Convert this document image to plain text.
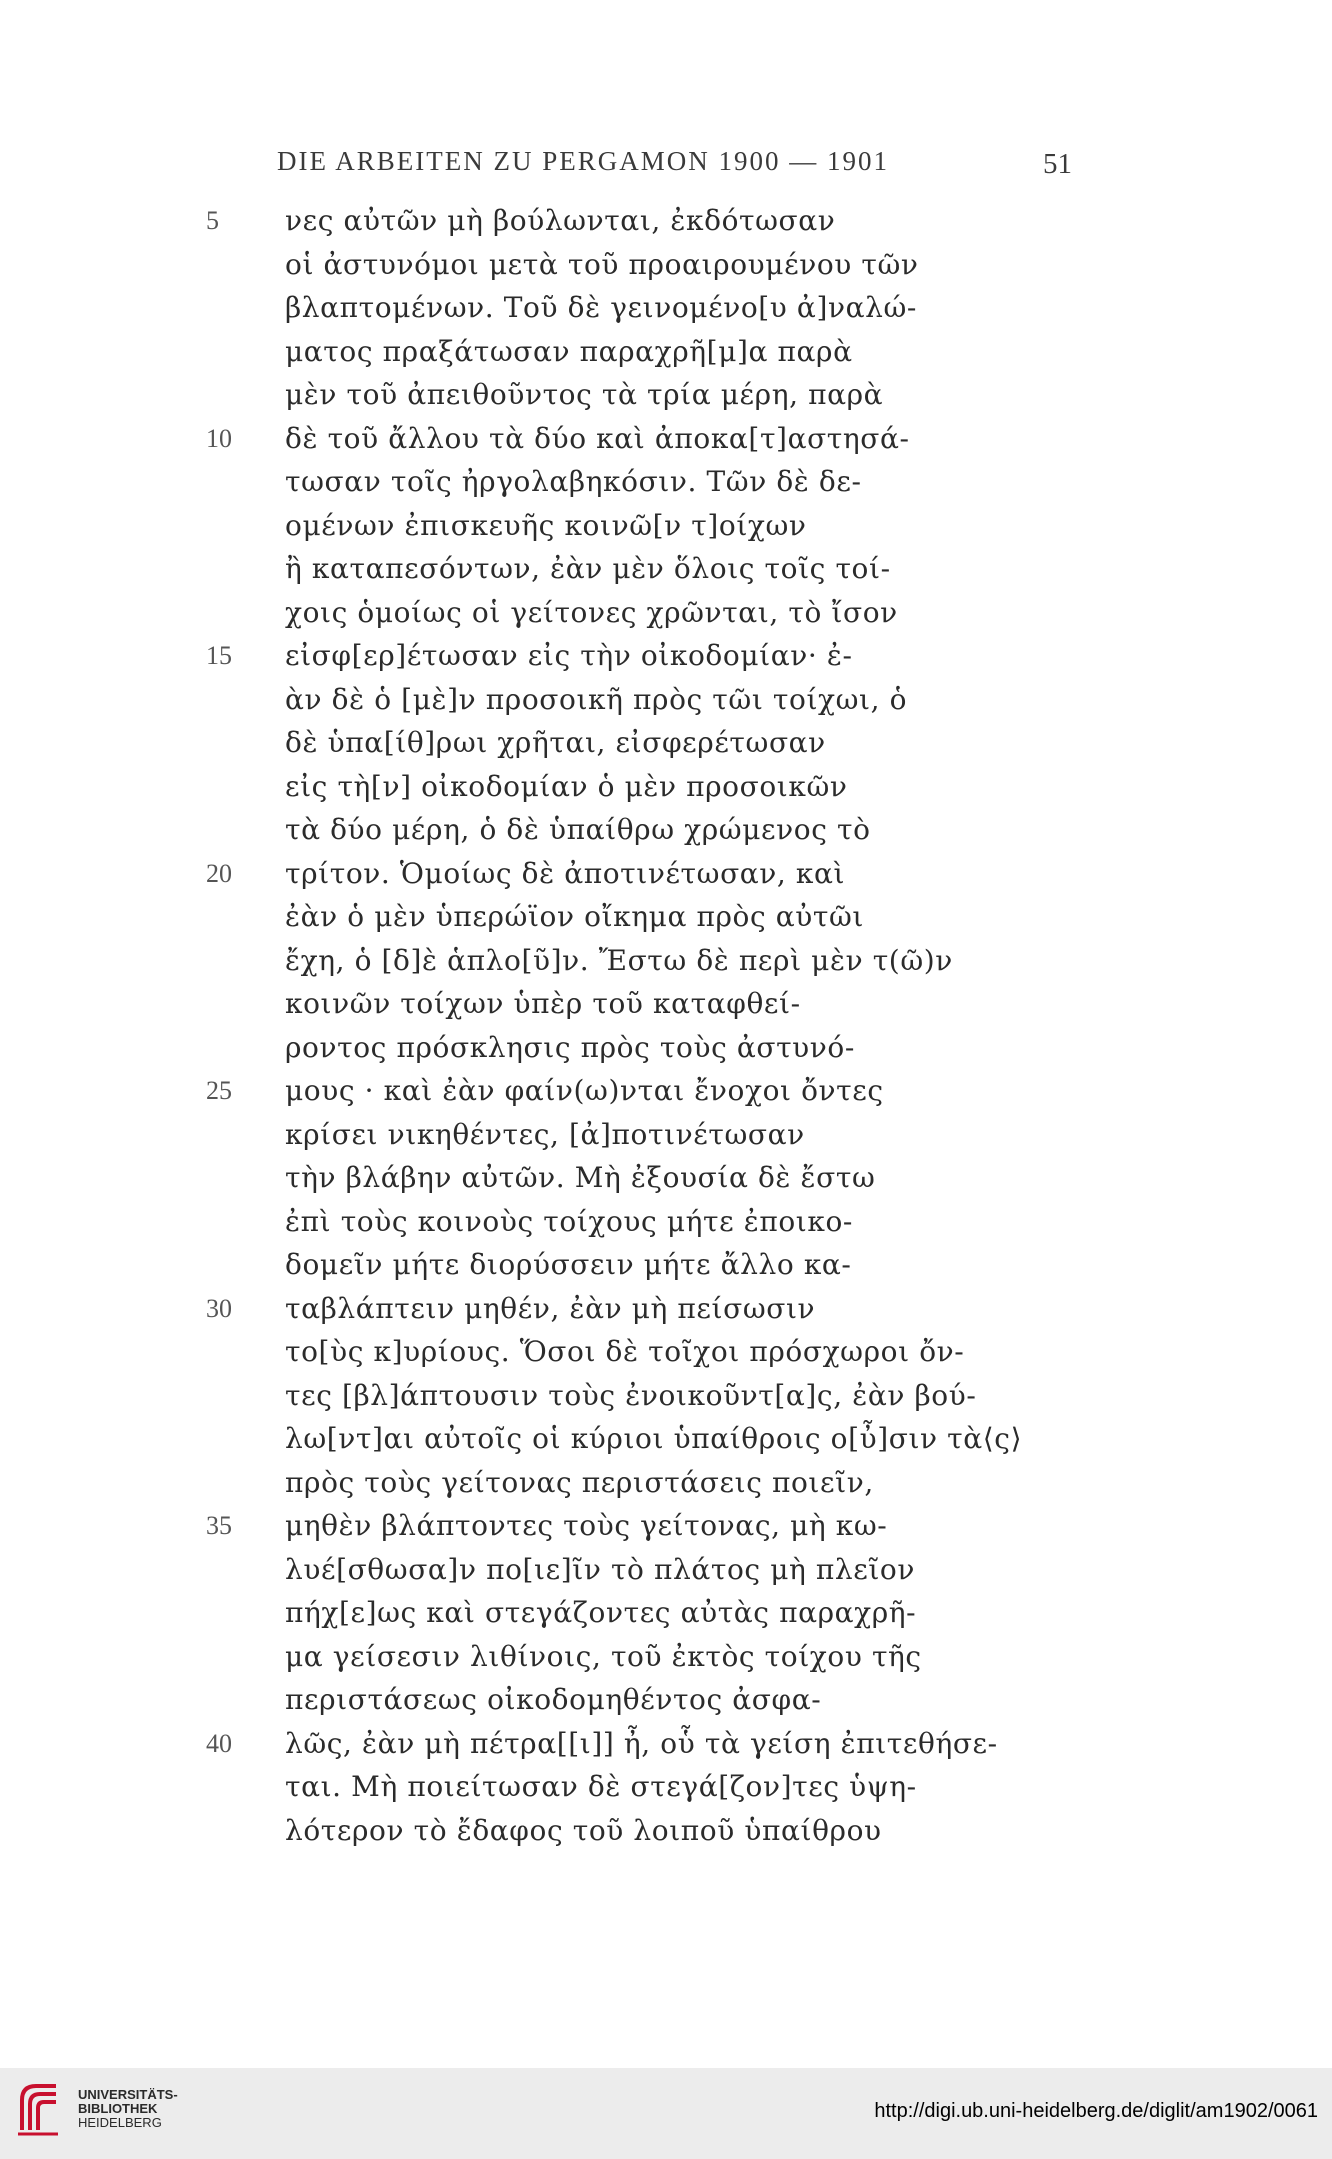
DIE ARBEITEN ZU PERGAMON 1900 — 1901	51
5	νες αὐτῶν μὴ βούλωνται, ἐκδότωσαν
οἱ ἀστυνόμοι μετὰ τοῦ προαιρουμένου τῶν
βλαπτομένων. Τοῦ δὲ γεινομένο[υ ἀ]ναλώ-
ματος πραξάτωσαν παραχρῆ[μ]α παρὰ
μὲν τοῦ ἀπειθοῦντος τὰ τρία μέρη, παρὰ
10	δὲ τοῦ ἄλλου τὰ δύο καὶ ἀποκα[τ]αστησά-
τωσαν τοῖς ἠργολαβηκόσιν. Τῶν δὲ δε-
ομένων ἐπισκευῆς κοινῶ[ν τ]οίχων
ἢ καταπεσόντων, ἐὰν μὲν ὅλοις τοῖς τοί-
χοις ὁμοίως οἱ γείτονες χρῶνται, τὸ ἴσον
15	εἰσφ[ερ]έτωσαν εἰς τὴν οἰκοδομίαν· ἐ-
ὰν δὲ ὁ [μὲ]ν προσοικῆ πρὸς τῶι τοίχωι, ὁ
δὲ ὑπα[ίθ]ρωι χρῆται, εἰσφερέτωσαν
εἰς τὴ[ν] οἰκοδομίαν ὁ μὲν προσοικῶν
τὰ δύο μέρη, ὁ δὲ ὑπαίθρω χρώμενος τὸ
20	τρίτον. Ὁμοίως δὲ ἀποτινέτωσαν, καὶ
ἐὰν ὁ μὲν ὑπερώϊον οἴκημα πρὸς αὐτῶι
ἔχη, ὁ [δ]ὲ ἁπλο[ῦ]ν. Ἔστω δὲ περὶ μὲν τ(ῶ)ν
κοινῶν τοίχων ὑπὲρ τοῦ καταφθεί-
ροντος πρόσκλησις πρὸς τοὺς ἀστυνό-
25	μους · καὶ ἐὰν φαίν(ω)νται ἔνοχοι ὄντες
κρίσει νικηθέντες, [ἀ]ποτινέτωσαν
τὴν βλάβην αὐτῶν. Μὴ ἐξουσία δὲ ἔστω
ἐπὶ τοὺς κοινοὺς τοίχους μήτε ἐποικο-
δομεῖν μήτε διορύσσειν μήτε ἄλλο κα-
30	ταβλάπτειν μηθέν, ἐὰν μὴ πείσωσιν
το[ὺς κ]υρίους. Ὅσοι δὲ τοῖχοι πρόσχωροι ὄν-
τες [βλ]άπτουσιν τοὺς ἐνοικοῦντ[α]ς, ἐὰν βού-
λω[ντ]αι αὐτοῖς οἱ κύριοι ὑπαίθροις ο[ὖ]σιν τὰ⟨ς⟩
πρὸς τοὺς γείτονας περιστάσεις ποιεῖν,
35	μηθὲν βλάπτοντες τοὺς γείτονας, μὴ κω-
λυέ[σθωσα]ν πο[ιε]ῖν τὸ πλάτος μὴ πλεῖον
πήχ[ε]ως καὶ στεγάζοντες αὐτὰς παραχρῆ-
μα γείσεσιν λιθίνοις, τοῦ ἐκτὸς τοίχου τῆς
περιστάσεως οἰκοδομηθέντος ἀσφα-
40	λῶς, ἐὰν μὴ πέτρα[[ι]] ἦ, οὗ τὰ γείση ἐπιτεθήσε-
ται. Μὴ ποιείτωσαν δὲ στεγά[ζον]τες ὑψη-
λότερον τὸ ἔδαφος τοῦ λοιποῦ ὑπαίθρου
UNIVERSITÄTS-
BIBLIOTHEK
HEIDELBERG
http://digi.ub.uni-heidelberg.de/diglit/am1902/0061
